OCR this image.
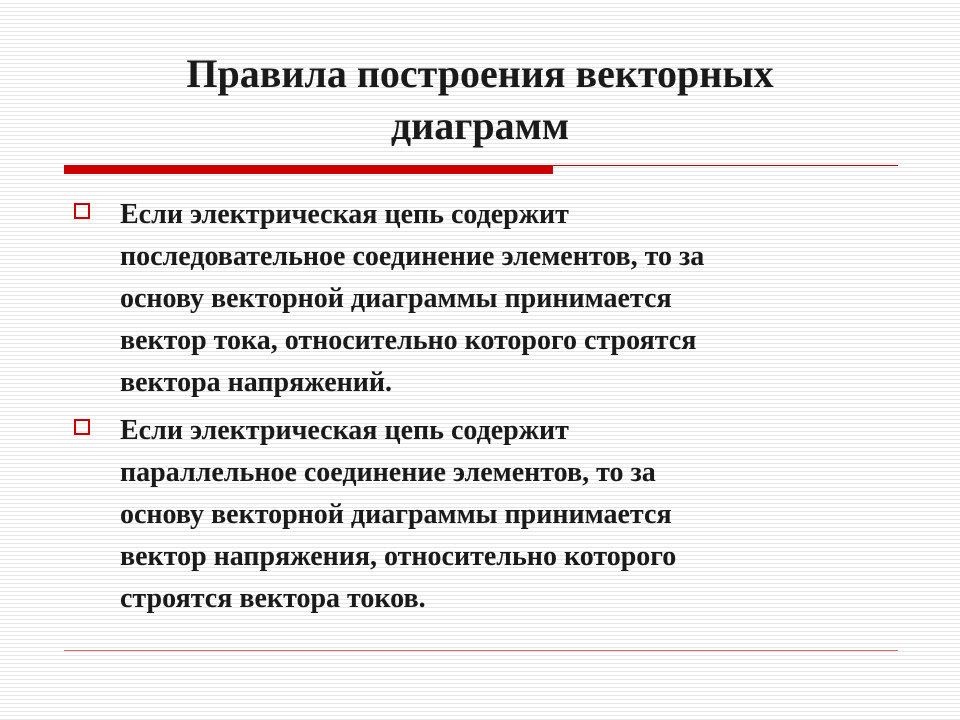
Правила построения векторных
диаграмм
Если электрическая цепь содержит
последовательное соединение элементов, то за
основу векторной диаграммы принимается
вектор тока, относительно которого строятся
вектора напряжений.
Если электрическая цепь содержит
параллельное соединение элементов, то за
основу векторной диаграммы принимается
вектор напряжения, относительно которого
строятся вектора токов.
